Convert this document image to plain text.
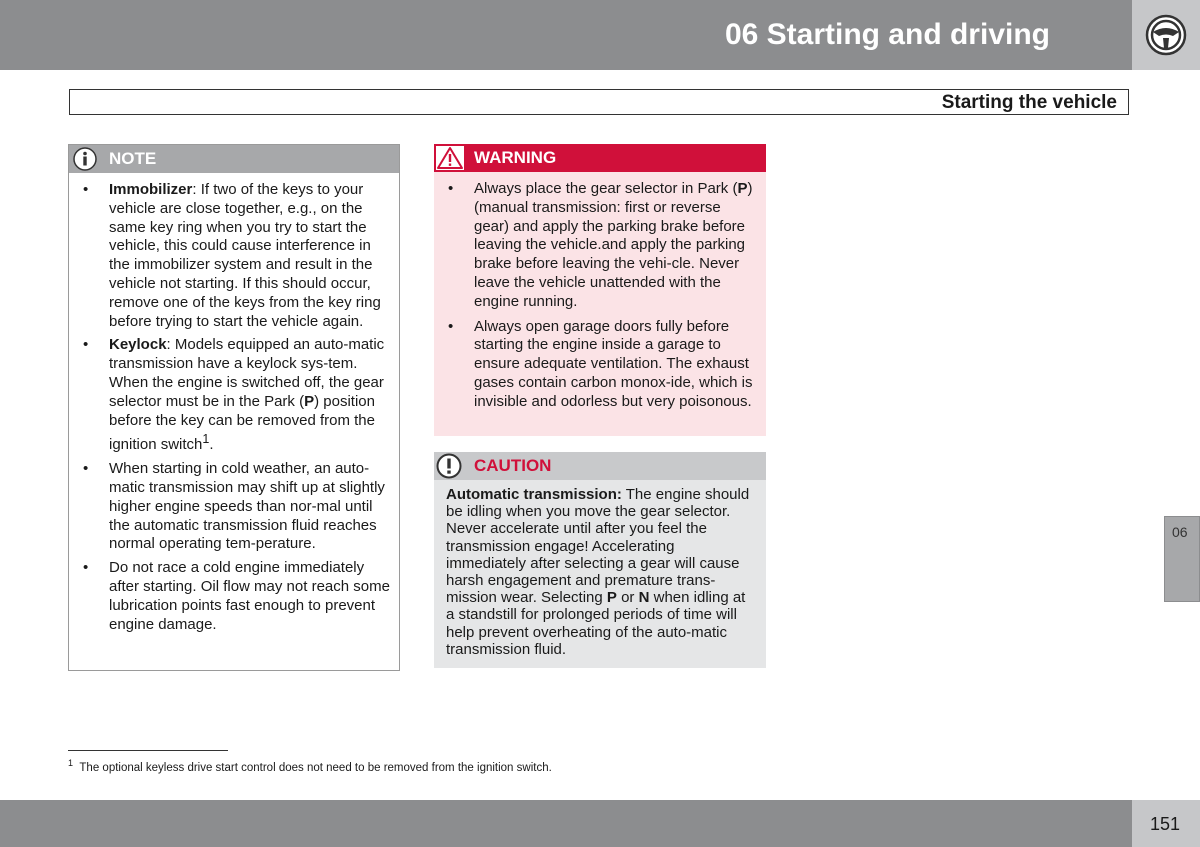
06 Starting and driving
Starting the vehicle
NOTE
• Immobilizer: If two of the keys to your vehicle are close together, e.g., on the same key ring when you try to start the vehicle, this could cause interference in the immobilizer system and result in the vehicle not starting. If this should occur, remove one of the keys from the key ring before trying to start the vehicle again.
• Keylock: Models equipped an auto-matic transmission have a keylock sys-tem. When the engine is switched off, the gear selector must be in the Park (P) position before the key can be removed from the ignition switch$^1$.
• When starting in cold weather, an auto-matic transmission may shift up at slightly higher engine speeds than nor-mal until the automatic transmission fluid reaches normal operating tem-perature.
• Do not race a cold engine immediately after starting. Oil flow may not reach some lubrication points fast enough to prevent engine damage.
WARNING
• Always place the gear selector in Park (P) (manual transmission: first or reverse gear) and apply the parking brake before leaving the vehicle.and apply the parking brake before leaving the vehi-cle. Never leave the vehicle unattended with the engine running.
• Always open garage doors fully before starting the engine inside a garage to ensure adequate ventilation. The exhaust gases contain carbon monox-ide, which is invisible and odorless but very poisonous.
CAUTION

Automatic transmission: The engine should be idling when you move the gear selector. Never accelerate until after you feel the transmission engage! Accelerating immediately after selecting a gear will cause harsh engagement and premature trans-mission wear. Selecting P or N when idling at a standstill for prolonged periods of time will help prevent overheating of the auto-matic transmission fluid.

06
$^1$ The optional keyless drive start control does not need to be removed from the ignition switch.
151
